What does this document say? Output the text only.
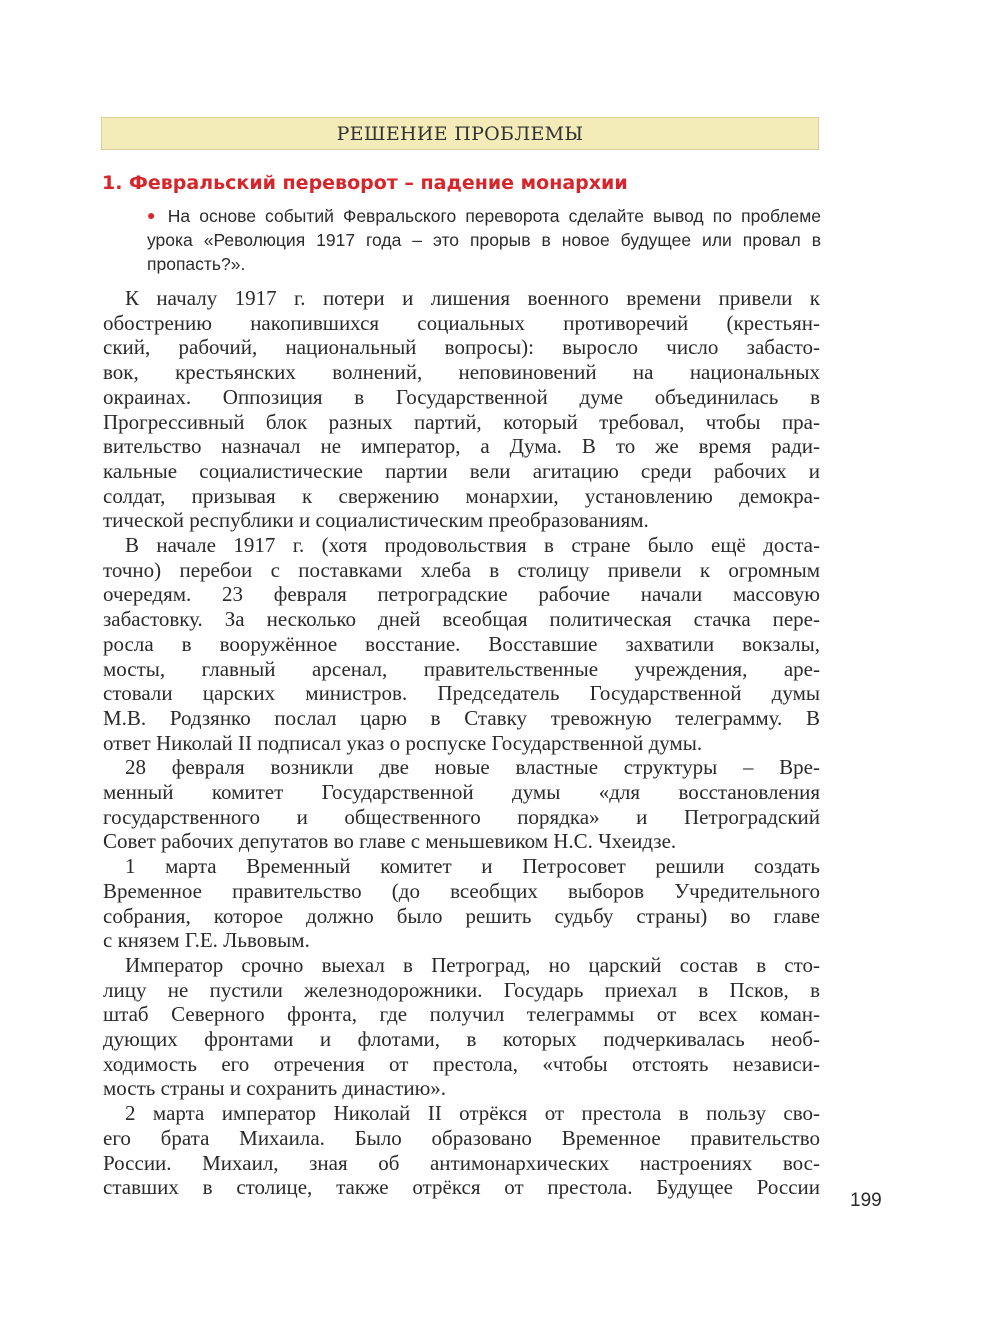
РЕШЕНИЕ ПРОБЛЕМЫ
1. Февральский переворот – падение монархии
● На основе событий Февральского переворота сделайте вывод по проблеме урока «Революция 1917 года – это прорыв в новое будущее или провал в пропасть?».
К началу 1917 г. потери и лишения военного времени привели к
обострению накопившихся социальных противоречий (крестьян-
ский, рабочий, национальный вопросы): выросло число забасто-
вок, крестьянских волнений, неповиновений на национальных
окраинах. Оппозиция в Государственной думе объединилась в
Прогрессивный блок разных партий, который требовал, чтобы пра-
вительство назначал не император, а Дума. В то же время ради-
кальные социалистические партии вели агитацию среди рабочих и
солдат, призывая к свержению монархии, установлению демокра-
тической республики и социалистическим преобразованиям.
В начале 1917 г. (хотя продовольствия в стране было ещё доста-
точно) перебои с поставками хлеба в столицу привели к огромным
очередям. 23 февраля петроградские рабочие начали массовую
забастовку. За несколько дней всеобщая политическая стачка пере-
росла в вооружённое восстание. Восставшие захватили вокзалы,
мосты, главный арсенал, правительственные учреждения, аре-
стовали царских министров. Председатель Государственной думы
М.В. Родзянко послал царю в Ставку тревожную телеграмму. В
ответ Николай II подписал указ о роспуске Государственной думы.
28 февраля возникли две новые властные структуры – Вре-
менный комитет Государственной думы «для восстановления
государственного и общественного порядка» и Петроградский
Совет рабочих депутатов во главе с меньшевиком Н.С. Чхеидзе.
1 марта Временный комитет и Петросовет решили создать
Временное правительство (до всеобщих выборов Учредительного
собрания, которое должно было решить судьбу страны) во главе
с князем Г.Е. Львовым.
Император срочно выехал в Петроград, но царский состав в сто-
лицу не пустили железнодорожники. Государь приехал в Псков, в
штаб Северного фронта, где получил телеграммы от всех коман-
дующих фронтами и флотами, в которых подчеркивалась необ-
ходимость его отречения от престола, «чтобы отстоять независи-
мость страны и сохранить династию».
2 марта император Николай II отрёкся от престола в пользу сво-
его брата Михаила. Было образовано Временное правительство
России. Михаил, зная об антимонархических настроениях вос-
ставших в столице, также отрёкся от престола. Будущее России
199
